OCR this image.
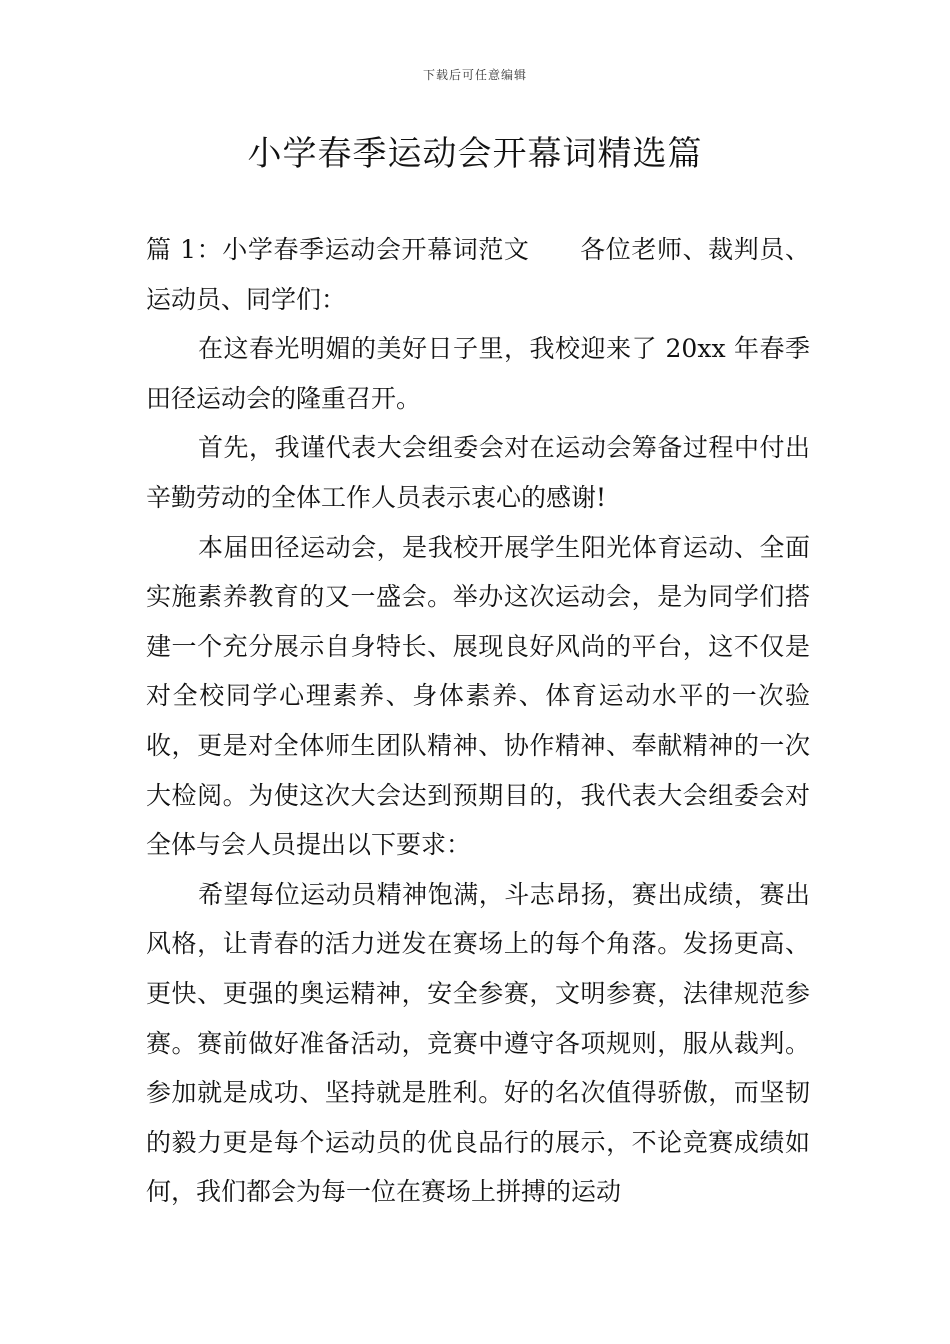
下载后可任意编辑
小学春季运动会开幕词精选篇

篇 1：小学春季运动会开幕词范文 各位老师、裁判员、运动员、同学们：

在这春光明媚的美好日子里，我校迎来了 20xx 年春季田径运动会的隆重召开。

首先，我谨代表大会组委会对在运动会筹备过程中付出辛勤劳动的全体工作人员表示衷心的感谢!

本届田径运动会，是我校开展学生阳光体育运动、全面实施素养教育的又一盛会。举办这次运动会，是为同学们搭建一个充分展示自身特长、展现良好风尚的平台，这不仅是对全校同学心理素养、身体素养、体育运动水平的一次验收，更是对全体师生团队精神、协作精神、奉献精神的一次大检阅。为使这次大会达到预期目的，我代表大会组委会对全体与会人员提出以下要求：

希望每位运动员精神饱满，斗志昂扬，赛出成绩，赛出风格，让青春的活力迸发在赛场上的每个角落。发扬更高、更快、更强的奥运精神，安全参赛，文明参赛，法律规范参赛。赛前做好准备活动，竞赛中遵守各项规则，服从裁判。参加就是成功、坚持就是胜利。好的名次值得骄傲，而坚韧的毅力更是每个运动员的优良品行的展示，不论竞赛成绩如何，我们都会为每一位在赛场上拼搏的运动
